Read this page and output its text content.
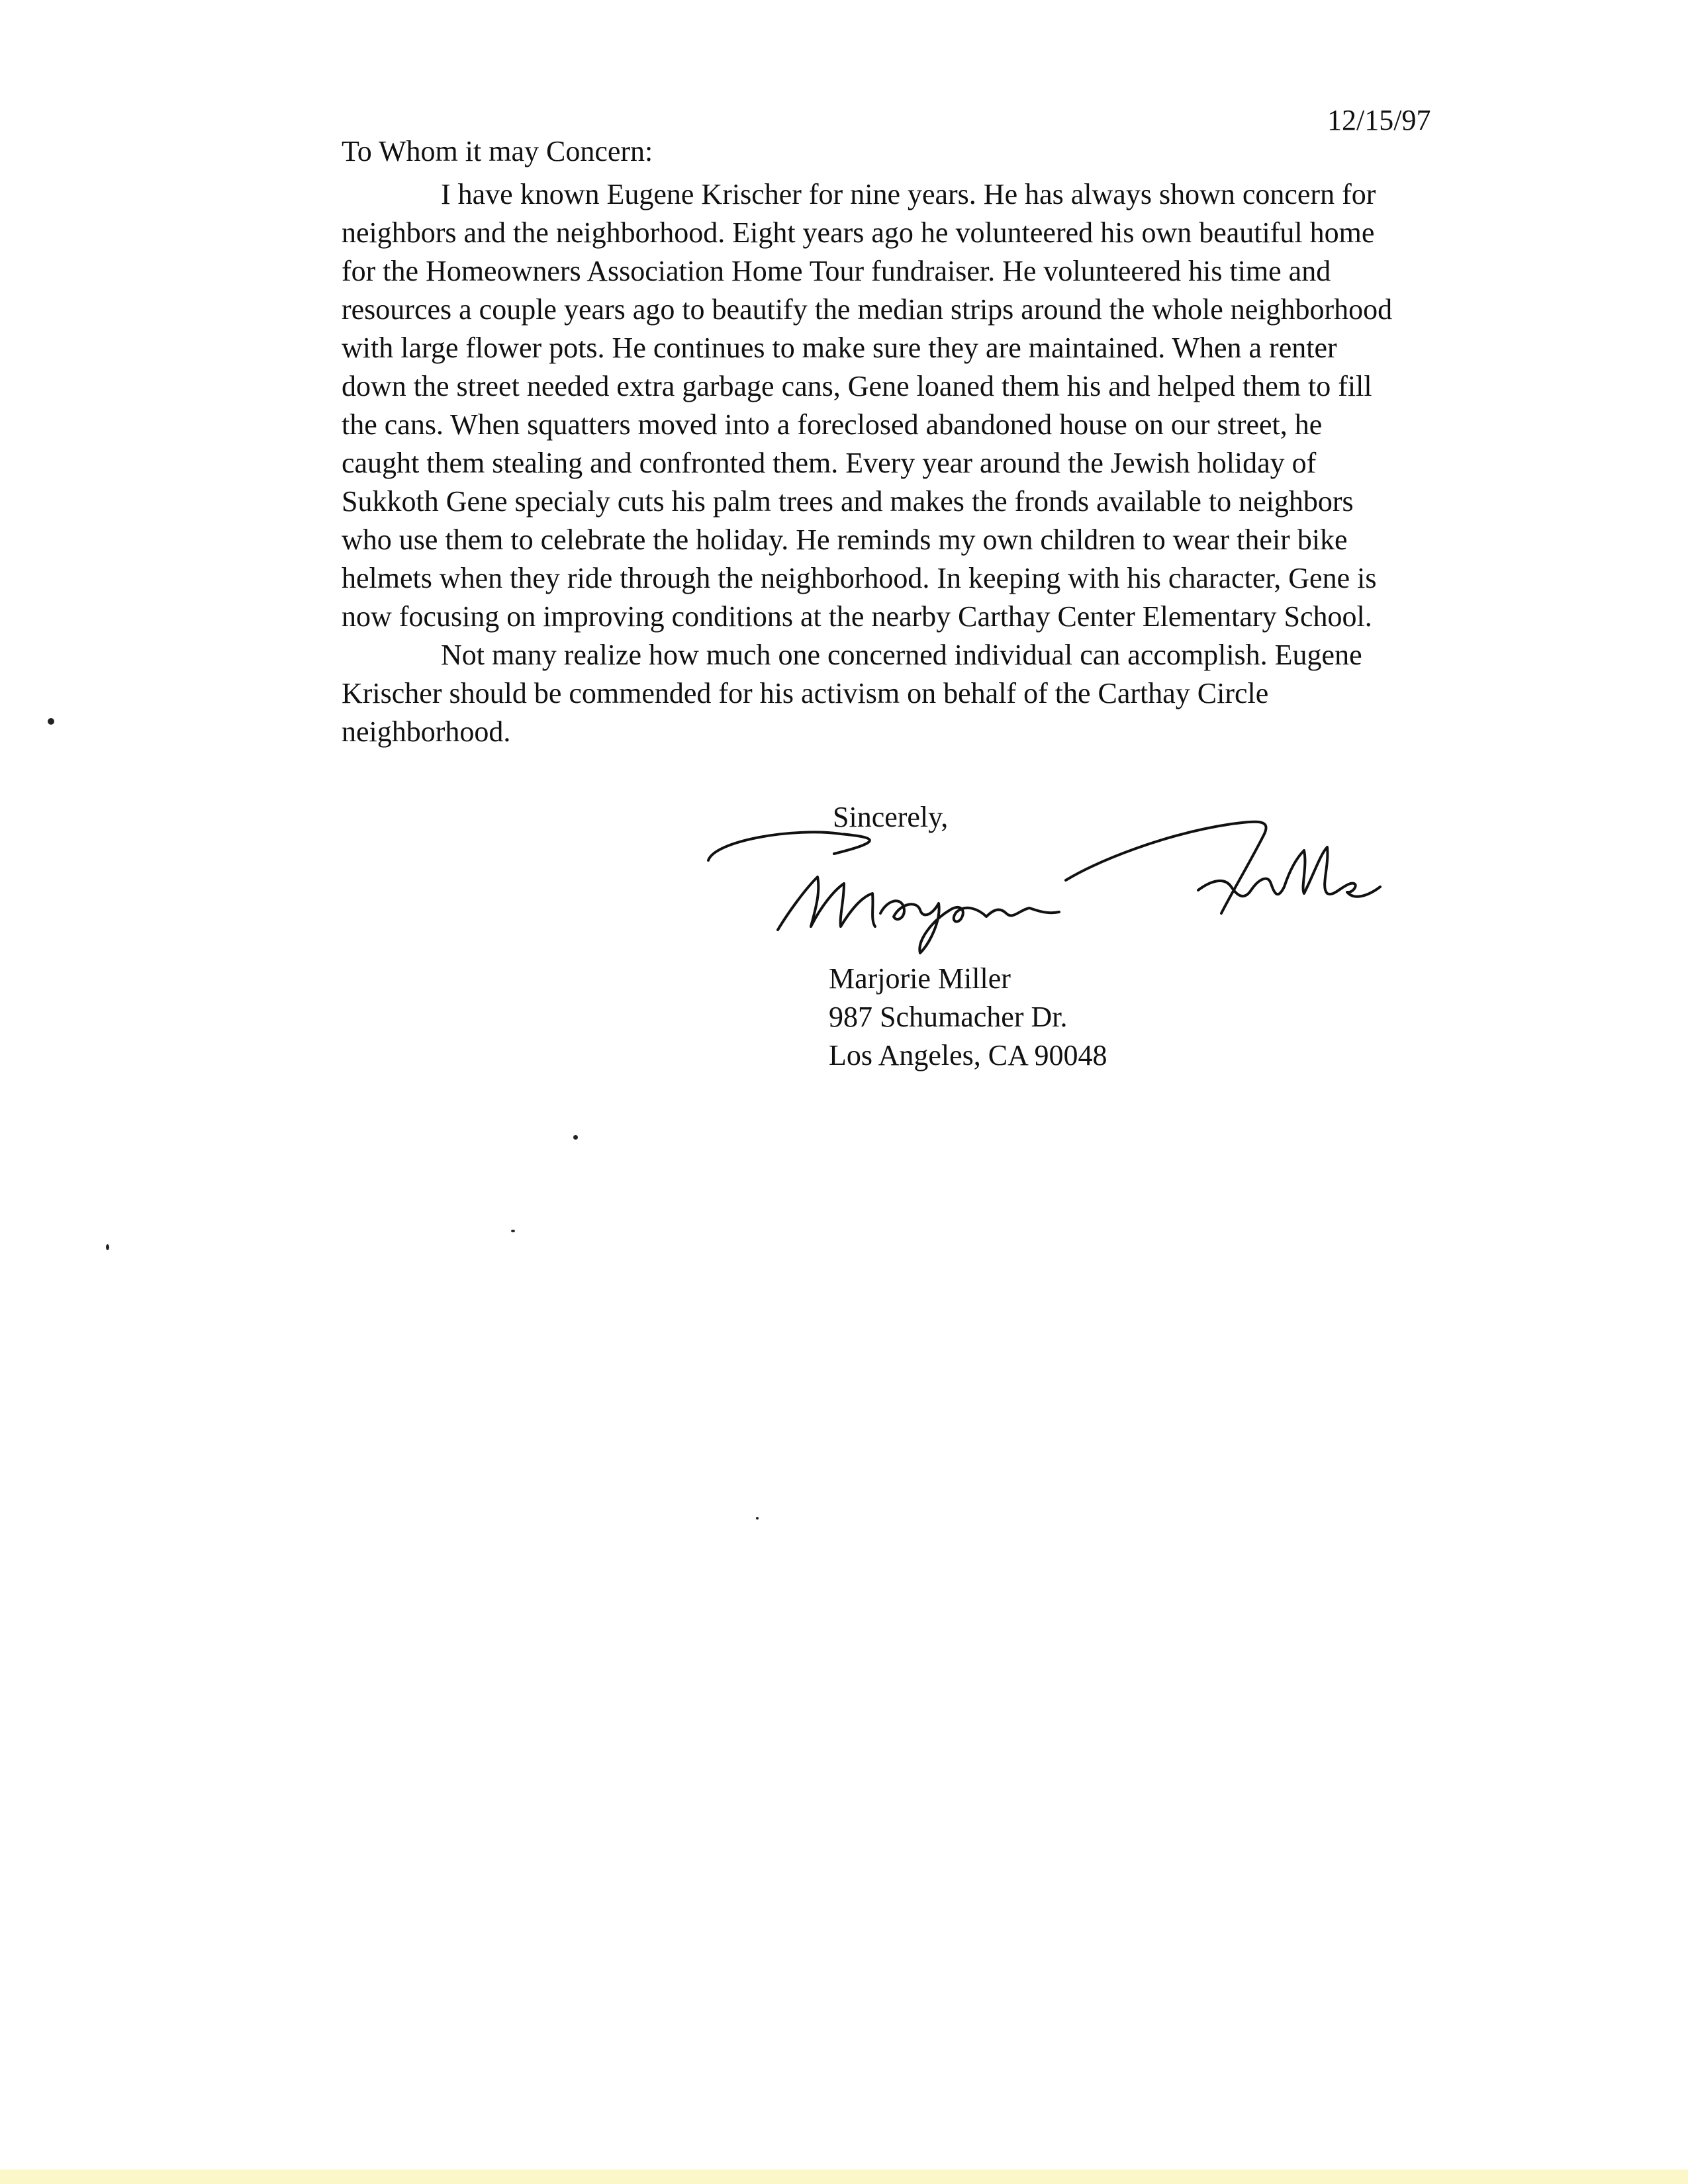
12/15/97
To Whom it may Concern:
I have known Eugene Krischer for nine years. He has always shown concern for
neighbors and the neighborhood. Eight years ago he volunteered his own beautiful home
for the Homeowners Association Home Tour fundraiser. He volunteered his time and
resources a couple years ago to beautify the median strips around the whole neighborhood
with large flower pots. He continues to make sure they are maintained. When a renter
down the street needed extra garbage cans, Gene loaned them his and helped them to fill
the cans. When squatters moved into a foreclosed abandoned house on our street, he
caught them stealing and confronted them. Every year around the Jewish holiday of
Sukkoth Gene specialy cuts his palm trees and makes the fronds available to neighbors
who use them to celebrate the holiday. He reminds my own children to wear their bike
helmets when they ride through the neighborhood. In keeping with his character, Gene is
now focusing on improving conditions at the nearby Carthay Center Elementary School.
Not many realize how much one concerned individual can accomplish. Eugene
Krischer should be commended for his activism on behalf of the Carthay Circle
neighborhood.
Sincerely,
Marjorie Miller
987 Schumacher Dr.
Los Angeles, CA 90048
